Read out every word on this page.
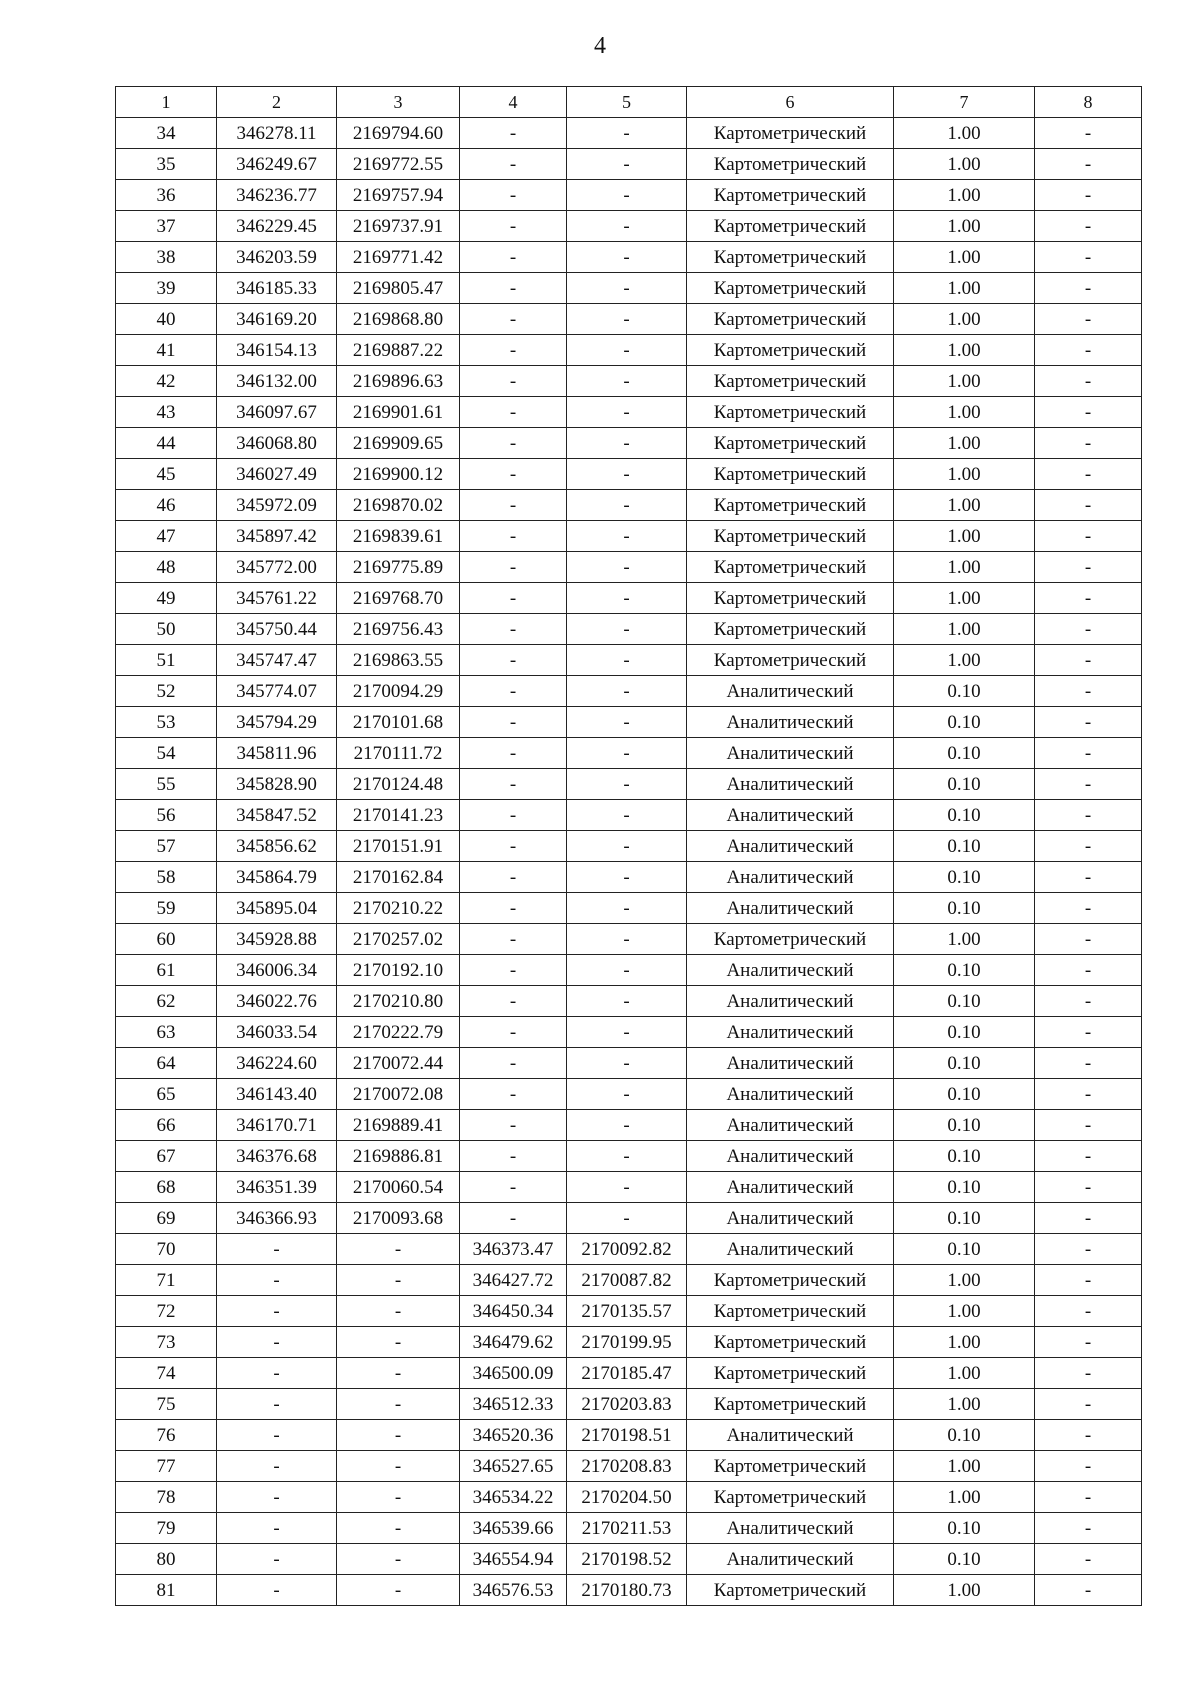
4
1	2	3	4	5	6	7	8
34	346278.11	2169794.60	-	-	Картометрический	1.00	-
35	346249.67	2169772.55	-	-	Картометрический	1.00	-
36	346236.77	2169757.94	-	-	Картометрический	1.00	-
37	346229.45	2169737.91	-	-	Картометрический	1.00	-
38	346203.59	2169771.42	-	-	Картометрический	1.00	-
39	346185.33	2169805.47	-	-	Картометрический	1.00	-
40	346169.20	2169868.80	-	-	Картометрический	1.00	-
41	346154.13	2169887.22	-	-	Картометрический	1.00	-
42	346132.00	2169896.63	-	-	Картометрический	1.00	-
43	346097.67	2169901.61	-	-	Картометрический	1.00	-
44	346068.80	2169909.65	-	-	Картометрический	1.00	-
45	346027.49	2169900.12	-	-	Картометрический	1.00	-
46	345972.09	2169870.02	-	-	Картометрический	1.00	-
47	345897.42	2169839.61	-	-	Картометрический	1.00	-
48	345772.00	2169775.89	-	-	Картометрический	1.00	-
49	345761.22	2169768.70	-	-	Картометрический	1.00	-
50	345750.44	2169756.43	-	-	Картометрический	1.00	-
51	345747.47	2169863.55	-	-	Картометрический	1.00	-
52	345774.07	2170094.29	-	-	Аналитический	0.10	-
53	345794.29	2170101.68	-	-	Аналитический	0.10	-
54	345811.96	2170111.72	-	-	Аналитический	0.10	-
55	345828.90	2170124.48	-	-	Аналитический	0.10	-
56	345847.52	2170141.23	-	-	Аналитический	0.10	-
57	345856.62	2170151.91	-	-	Аналитический	0.10	-
58	345864.79	2170162.84	-	-	Аналитический	0.10	-
59	345895.04	2170210.22	-	-	Аналитический	0.10	-
60	345928.88	2170257.02	-	-	Картометрический	1.00	-
61	346006.34	2170192.10	-	-	Аналитический	0.10	-
62	346022.76	2170210.80	-	-	Аналитический	0.10	-
63	346033.54	2170222.79	-	-	Аналитический	0.10	-
64	346224.60	2170072.44	-	-	Аналитический	0.10	-
65	346143.40	2170072.08	-	-	Аналитический	0.10	-
66	346170.71	2169889.41	-	-	Аналитический	0.10	-
67	346376.68	2169886.81	-	-	Аналитический	0.10	-
68	346351.39	2170060.54	-	-	Аналитический	0.10	-
69	346366.93	2170093.68	-	-	Аналитический	0.10	-
70	-	-	346373.47	2170092.82	Аналитический	0.10	-
71	-	-	346427.72	2170087.82	Картометрический	1.00	-
72	-	-	346450.34	2170135.57	Картометрический	1.00	-
73	-	-	346479.62	2170199.95	Картометрический	1.00	-
74	-	-	346500.09	2170185.47	Картометрический	1.00	-
75	-	-	346512.33	2170203.83	Картометрический	1.00	-
76	-	-	346520.36	2170198.51	Аналитический	0.10	-
77	-	-	346527.65	2170208.83	Картометрический	1.00	-
78	-	-	346534.22	2170204.50	Картометрический	1.00	-
79	-	-	346539.66	2170211.53	Аналитический	0.10	-
80	-	-	346554.94	2170198.52	Аналитический	0.10	-
81	-	-	346576.53	2170180.73	Картометрический	1.00	-
